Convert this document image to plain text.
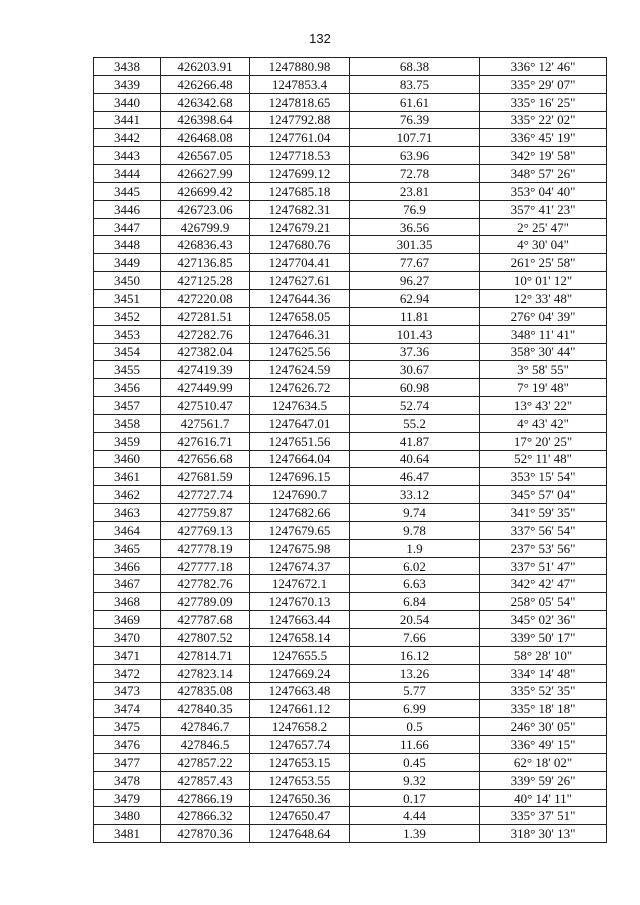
132
3438	426203.91	1247880.98	68.38	336° 12' 46"
3439	426266.48	1247853.4	83.75	335° 29' 07"
3440	426342.68	1247818.65	61.61	335° 16' 25"
3441	426398.64	1247792.88	76.39	335° 22' 02"
3442	426468.08	1247761.04	107.71	336° 45' 19"
3443	426567.05	1247718.53	63.96	342° 19' 58"
3444	426627.99	1247699.12	72.78	348° 57' 26"
3445	426699.42	1247685.18	23.81	353° 04' 40"
3446	426723.06	1247682.31	76.9	357° 41' 23"
3447	426799.9	1247679.21	36.56	2° 25' 47"
3448	426836.43	1247680.76	301.35	4° 30' 04"
3449	427136.85	1247704.41	77.67	261° 25' 58"
3450	427125.28	1247627.61	96.27	10° 01' 12"
3451	427220.08	1247644.36	62.94	12° 33' 48"
3452	427281.51	1247658.05	11.81	276° 04' 39"
3453	427282.76	1247646.31	101.43	348° 11' 41"
3454	427382.04	1247625.56	37.36	358° 30' 44"
3455	427419.39	1247624.59	30.67	3° 58' 55"
3456	427449.99	1247626.72	60.98	7° 19' 48"
3457	427510.47	1247634.5	52.74	13° 43' 22"
3458	427561.7	1247647.01	55.2	4° 43' 42"
3459	427616.71	1247651.56	41.87	17° 20' 25"
3460	427656.68	1247664.04	40.64	52° 11' 48"
3461	427681.59	1247696.15	46.47	353° 15' 54"
3462	427727.74	1247690.7	33.12	345° 57' 04"
3463	427759.87	1247682.66	9.74	341° 59' 35"
3464	427769.13	1247679.65	9.78	337° 56' 54"
3465	427778.19	1247675.98	1.9	237° 53' 56"
3466	427777.18	1247674.37	6.02	337° 51' 47"
3467	427782.76	1247672.1	6.63	342° 42' 47"
3468	427789.09	1247670.13	6.84	258° 05' 54"
3469	427787.68	1247663.44	20.54	345° 02' 36"
3470	427807.52	1247658.14	7.66	339° 50' 17"
3471	427814.71	1247655.5	16.12	58° 28' 10"
3472	427823.14	1247669.24	13.26	334° 14' 48"
3473	427835.08	1247663.48	5.77	335° 52' 35"
3474	427840.35	1247661.12	6.99	335° 18' 18"
3475	427846.7	1247658.2	0.5	246° 30' 05"
3476	427846.5	1247657.74	11.66	336° 49' 15"
3477	427857.22	1247653.15	0.45	62° 18' 02"
3478	427857.43	1247653.55	9.32	339° 59' 26"
3479	427866.19	1247650.36	0.17	40° 14' 11"
3480	427866.32	1247650.47	4.44	335° 37' 51"
3481	427870.36	1247648.64	1.39	318° 30' 13"
